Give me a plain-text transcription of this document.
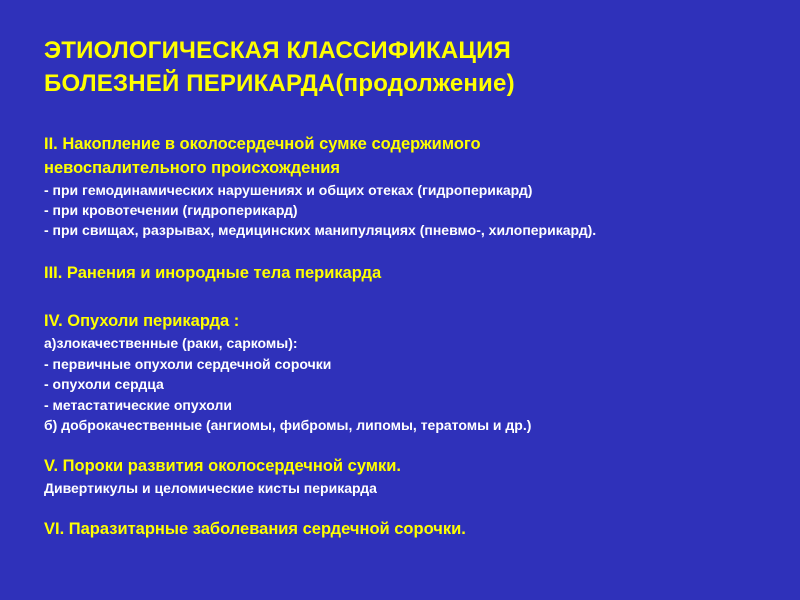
ЭТИОЛОГИЧЕСКАЯ КЛАССИФИКАЦИЯ
БОЛЕЗНЕЙ ПЕРИКАРДА(продолжение)
II. Накопление в околосердечной сумке содержимого
невоспалительного происхождения
- при гемодинамических нарушениях и общих отеках (гидроперикард)
- при кровотечении (гидроперикард)
- при свищах, разрывах, медицинских манипуляциях (пневмо-, хилоперикард).
III. Ранения и инородные тела перикарда
IV. Опухоли перикарда :
а)злокачественные (раки, саркомы):
- первичные опухоли сердечной сорочки
- опухоли сердца
- метастатические опухоли
б) доброкачественные (ангиомы, фибромы, липомы, тератомы и др.)
V. Пороки развития околосердечной сумки.
Дивертикулы и целомические кисты перикарда
VI. Паразитарные заболевания сердечной сорочки.
